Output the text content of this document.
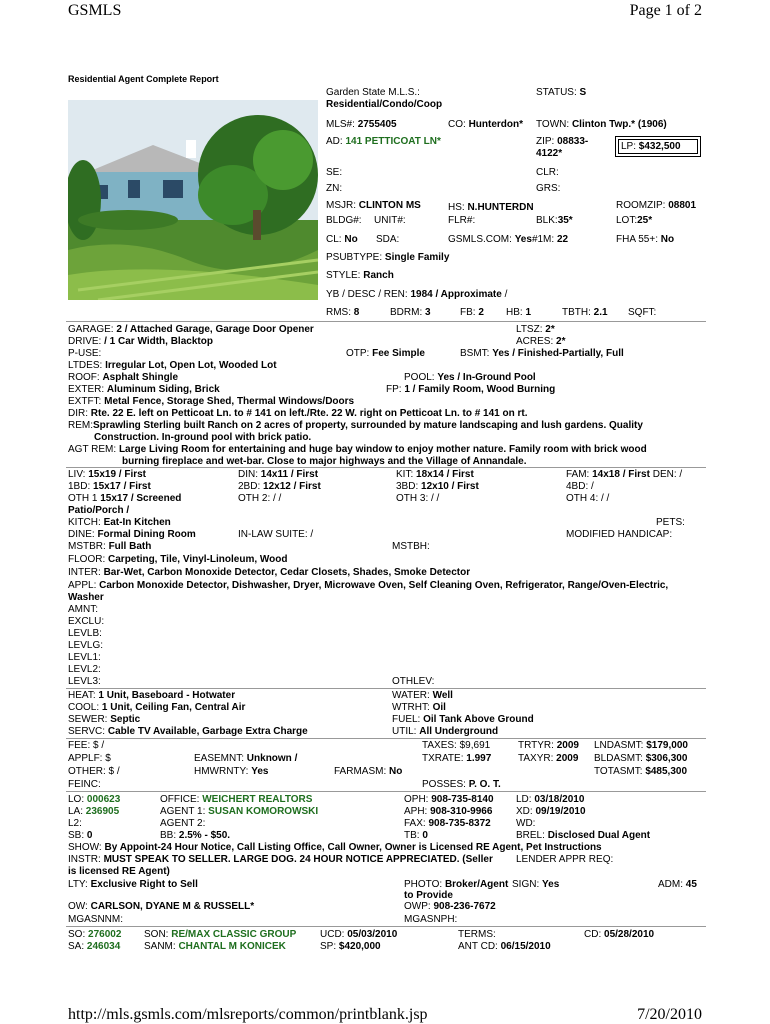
GSMLS	Page 1 of 2
http://mls.gsmls.com/mlsreports/common/printblank.jsp	7/20/2010
Residential Agent Complete Report
Garden State M.L.S.:
Residential/Condo/Coop
STATUS: S
MLS#: 2755405	CO: Hunterdon* TOWN: Clinton Twp.* (1906)
AD: 141 PETTICOAT LN*	ZIP: 08833-
4122*
LP: $432,500
SE:	CLR:
ZN:	GRS:
MSJR: CLINTON MS	HS: N.HUNTERDN	ROOMZIP: 08801
BLDG#: UNIT#:	FLR#:	BLK:35*	LOT:25*
CL: No SDA:	GSMLS.COM: Yes#1M: 22	FHA 55+: No
PSUBTYPE: Single Family
STYLE: Ranch
YB / DESC / REN: 1984 / Approximate /
RMS: 8	BDRM: 3	FB: 2 HB: 1	TBTH: 2.1 SQFT:
GARAGE: 2 / Attached Garage, Garage Door Opener	LTSZ: 2*
DRIVE: / 1 Car Width, Blacktop	ACRES: 2*
P-USE:	OTP: Fee Simple	BSMT: Yes / Finished-Partially, Full
LTDES: Irregular Lot, Open Lot, Wooded Lot
ROOF: Asphalt Shingle	POOL: Yes / In-Ground Pool
EXTER: Aluminum Siding, Brick	FP: 1 / Family Room, Wood Burning
EXTFT: Metal Fence, Storage Shed, Thermal Windows/Doors
DIR: Rte. 22 E. left on Petticoat Ln. to # 141 on left./Rte. 22 W. right on Petticoat Ln. to # 141 on rt.
REM:Sprawling Sterling built Ranch on 2 acres of property, surrounded by mature landscaping and lush gardens. Quality
Construction. In-ground pool with brick patio.
AGT REM: Large Living Room for entertaining and huge bay window to enjoy mother nature. Family room with brick wood
burning fireplace and wet-bar. Close to major highways and the Village of Annandale.
LIV: 15x19 / First	DIN: 14x11 / First	KIT: 18x14 / First	FAM: 14x18 / First DEN: /
1BD: 15x17 / First	2BD: 12x12 / First	3BD: 12x10 / First	4BD: /
OTH 1 15x17 / Screened
Patio/Porch /
OTH 2: / /	OTH 3: / /	OTH 4: / /
KITCH: Eat-In Kitchen	PETS:
DINE: Formal Dining Room	IN-LAW SUITE: /	MODIFIED HANDICAP:
MSTBR: Full Bath	MSTBH:
FLOOR: Carpeting, Tile, Vinyl-Linoleum, Wood
INTER: Bar-Wet, Carbon Monoxide Detector, Cedar Closets, Shades, Smoke Detector
APPL: Carbon Monoxide Detector, Dishwasher, Dryer, Microwave Oven, Self Cleaning Oven, Refrigerator, Range/Oven-Electric,
Washer
AMNT:
EXCLU:
LEVLB:
LEVLG:
LEVL1:
LEVL2:
LEVL3:	OTHLEV:
HEAT: 1 Unit, Baseboard - Hotwater	WATER: Well
COOL: 1 Unit, Ceiling Fan, Central Air	WTRHT: Oil
SEWER: Septic	FUEL: Oil Tank Above Ground
SERVC: Cable TV Available, Garbage Extra Charge	UTIL: All Underground
FEE: $ /	TAXES: $9,691	TRTYR: 2009 LNDASMT: $179,000
APPLF: $	EASEMNT: Unknown /	TXRATE: 1.997	TAXYR: 2009 BLDASMT: $306,300
OTHER: $ /	HMWRNTY: Yes	FARMASM: No	TOTASMT: $485,300
FEINC:	POSSES: P. O. T.
LO: 000623	OFFICE: WEICHERT REALTORS	OPH: 908-735-8140 LD: 03/18/2010
LA: 236905	AGENT 1: SUSAN KOMOROWSKI	APH: 908-310-9966 XD: 09/19/2010
L2:	AGENT 2:	FAX: 908-735-8372	WD:
SB: 0	BB: 2.5% - $50.	TB: 0	BREL: Disclosed Dual Agent
SHOW: By Appoint-24 Hour Notice, Call Listing Office, Call Owner, Owner is Licensed RE Agent, Pet Instructions
INSTR: MUST SPEAK TO SELLER. LARGE DOG. 24 HOUR NOTICE APPRECIATED. (Seller LENDER APPR REQ:
is licensed RE Agent)
LTY: Exclusive Right to Sell	PHOTO: Broker/Agent
to Provide
SIGN: Yes	ADM: 45
OW: CARLSON, DYANE M & RUSSELL*	OWP: 908-236-7672
MGASNNM:	MGASNPH:
SO: 276002 SON: RE/MAX CLASSIC GROUP UCD: 05/03/2010	TERMS:	CD: 05/28/2010
SA: 246034 SANM: CHANTAL M KONICEK	SP: $420,000	ANT CD: 06/15/2010
